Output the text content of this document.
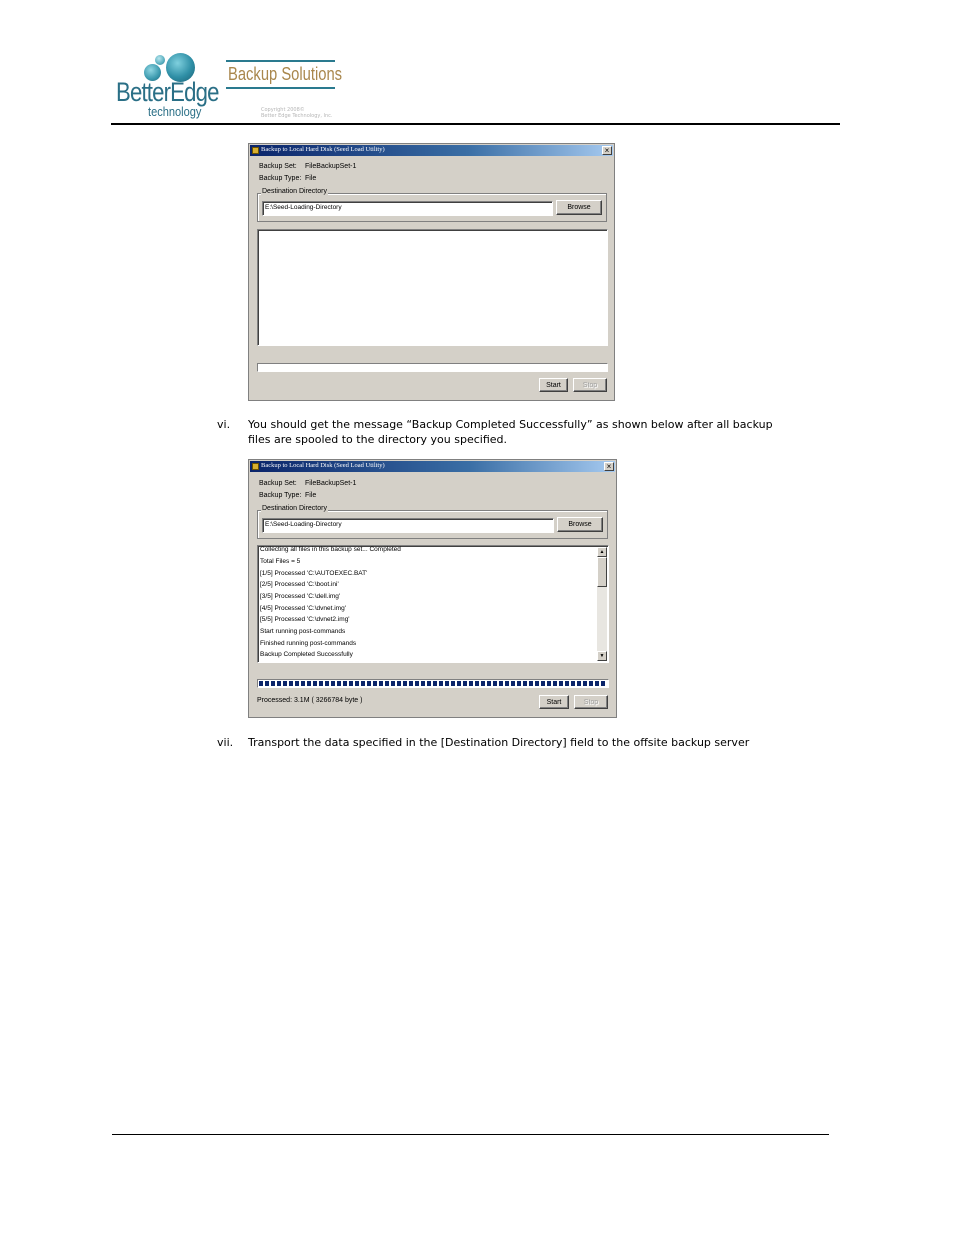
BetterEdge
technology
Backup Solutions
Copyright 2008©
Better Edge Technology, Inc.
Backup to Local Hard Disk (Seed Load Utility)	×
Backup Set: FileBackupSet-1
Backup Type: File
Destination Directory
E:\Seed-Loading-Directory	Browse
Start	Stop
vi. You should get the message “Backup Completed Successfully” as shown below after all backup
files are spooled to the directory you specified.
Backup to Local Hard Disk (Seed Load Utility)	×
Backup Set: FileBackupSet-1
Backup Type: File
Destination Directory
E:\Seed-Loading-Directory	Browse
Collecting all files in this backup set... Completed
Total Files = 5
[1/5] Processed 'C:\AUTOEXEC.BAT'
[2/5] Processed 'C:\boot.ini'
[3/5] Processed 'C:\dell.img'
[4/5] Processed 'C:\dvnet.img'
[5/5] Processed 'C:\dvnet2.img'
Start running post-commands
Finished running post-commands
Backup Completed Successfully
▲
▼
Processed: 3.1M ( 3266784 byte )	Start	Stop
vii. Transport the data specified in the [Destination Directory] field to the offsite backup server
